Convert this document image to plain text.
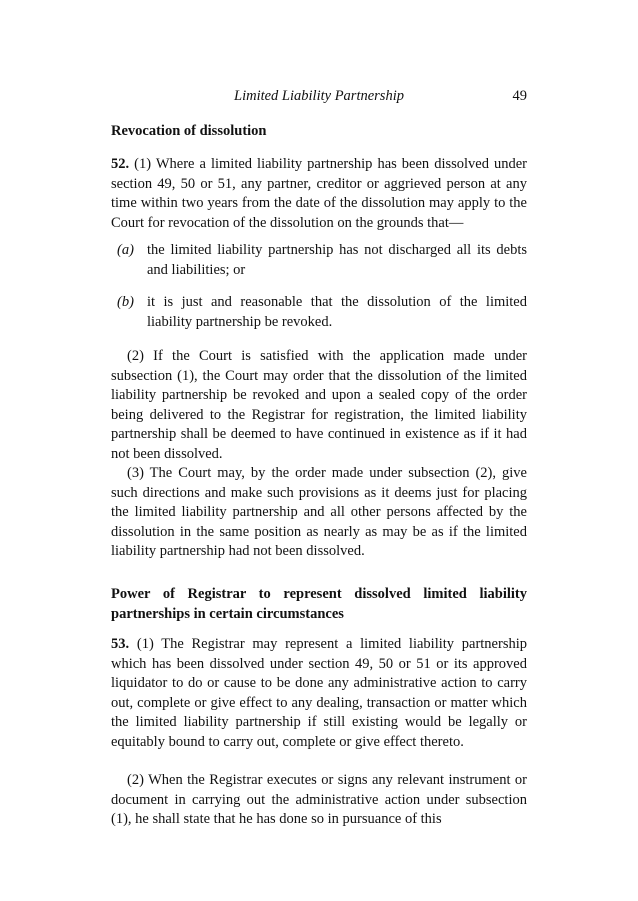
Limited Liability Partnership	49
Revocation of dissolution
52. (1) Where a limited liability partnership has been dissolved under section 49, 50 or 51, any partner, creditor or aggrieved person at any time within two years from the date of the dissolution may apply to the Court for revocation of the dissolution on the grounds that—
(a) the limited liability partnership has not discharged all its debts and liabilities; or
(b) it is just and reasonable that the dissolution of the limited liability partnership be revoked.
(2) If the Court is satisfied with the application made under subsection (1), the Court may order that the dissolution of the limited liability partnership be revoked and upon a sealed copy of the order being delivered to the Registrar for registration, the limited liability partnership shall be deemed to have continued in existence as if it had not been dissolved.
(3) The Court may, by the order made under subsection (2), give such directions and make such provisions as it deems just for placing the limited liability partnership and all other persons affected by the dissolution in the same position as nearly as may be as if the limited liability partnership had not been dissolved.
Power of Registrar to represent dissolved limited liability partnerships in certain circumstances
53. (1) The Registrar may represent a limited liability partnership which has been dissolved under section 49, 50 or 51 or its approved liquidator to do or cause to be done any administrative action to carry out, complete or give effect to any dealing, transaction or matter which the limited liability partnership if still existing would be legally or equitably bound to carry out, complete or give effect thereto.
(2) When the Registrar executes or signs any relevant instrument or document in carrying out the administrative action under subsection (1), he shall state that he has done so in pursuance of this
